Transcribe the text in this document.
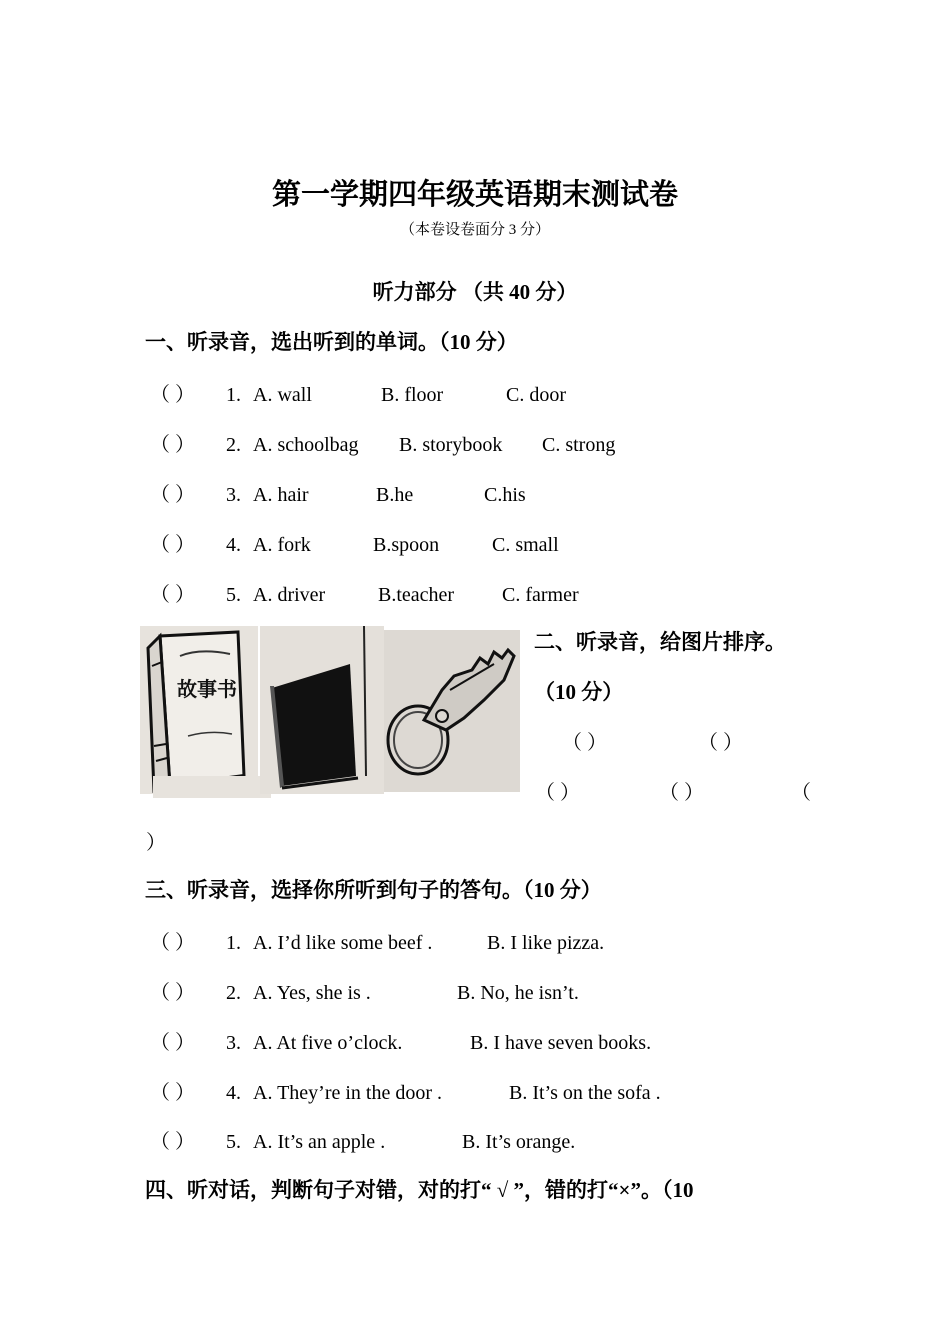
第一学期四年级英语期末测试卷
（本卷设卷面分 3 分）
听力部分 （共 40 分）
一、听录音，选出听到的单词。（10 分）
（ ） 1. A. wall	B. floor	C. door
（ ） 2. A. schoolbag B. storybook C. strong
（ ） 3. A. hair	B.he	C.his
（ ） 4. A. fork	B.spoon	C. small
（ ） 5. A. driver	B.teacher C. farmer
故事书
二、听录音，给图片排序。
（10 分）
（ ）	（ ）
（ ）	（ ）	（
）
三、听录音，选择你所听到句子的答句。（10 分）
（ ） 1. A. I’d like some beef .	B. I like pizza.
（ ） 2. A. Yes, she is .	B. No, he isn’t.
（ ） 3. A. At five o’clock.	B. I have seven books.
（ ） 4. A. They’re in the door .	B. It’s on the sofa .
（ ） 5. A. It’s an apple .	B. It’s orange.
四、听对话，判断句子对错，对的打“ √ ”，错的打“×”。（10
